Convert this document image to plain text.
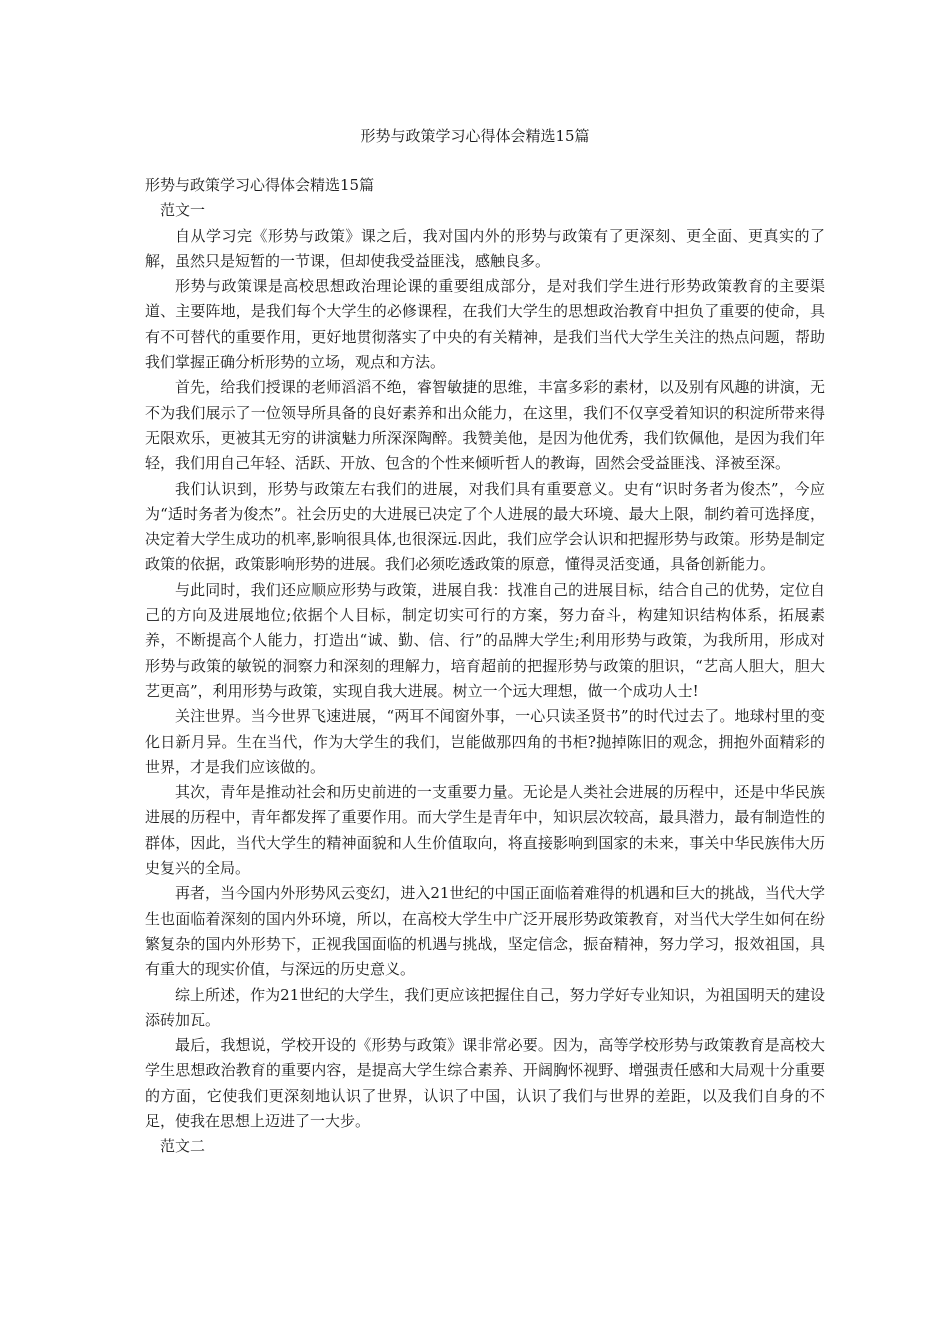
形势与政策学习心得体会精选15篇

形势与政策学习心得体会精选15篇

范文一

自从学习完《形势与政策》课之后，我对国内外的形势与政策有了更深刻、更全面、更真实的了解，虽然只是短暂的一节课，但却使我受益匪浅，感触良多。

形势与政策课是高校思想政治理论课的重要组成部分，是对我们学生进行形势政策教育的主要渠道、主要阵地，是我们每个大学生的必修课程，在我们大学生的思想政治教育中担负了重要的使命，具有不可替代的重要作用，更好地贯彻落实了中央的有关精神，是我们当代大学生关注的热点问题，帮助我们掌握正确分析形势的立场，观点和方法。

首先，给我们授课的老师滔滔不绝，睿智敏捷的思维，丰富多彩的素材，以及别有风趣的讲演，无不为我们展示了一位领导所具备的良好素养和出众能力，在这里，我们不仅享受着知识的积淀所带来得无限欢乐，更被其无穷的讲演魅力所深深陶醉。我赞美他，是因为他优秀，我们钦佩他，是因为我们年轻，我们用自己年轻、活跃、开放、包含的个性来倾听哲人的教诲，固然会受益匪浅、泽被至深。

我们认识到，形势与政策左右我们的进展，对我们具有重要意义。史有“识时务者为俊杰”，今应为“适时务者为俊杰”。社会历史的大进展已决定了个人进展的最大环境、最大上限，制约着可选择度，决定着大学生成功的机率,影响很具体,也很深远.因此，我们应学会认识和把握形势与政策。形势是制定政策的依据，政策影响形势的进展。我们必须吃透政策的原意，懂得灵活变通，具备创新能力。

与此同时，我们还应顺应形势与政策，进展自我：找准自己的进展目标，结合自己的优势，定位自己的方向及进展地位;依据个人目标，制定切实可行的方案，努力奋斗，构建知识结构体系，拓展素养，不断提高个人能力，打造出“诚、勤、信、行”的品牌大学生;利用形势与政策，为我所用，形成对形势与政策的敏锐的洞察力和深刻的理解力，培育超前的把握形势与政策的胆识，“艺高人胆大，胆大艺更高”，利用形势与政策，实现自我大进展。树立一个远大理想，做一个成功人士!

关注世界。当今世界飞速进展，“两耳不闻窗外事，一心只读圣贤书”的时代过去了。地球村里的变化日新月异。生在当代，作为大学生的我们，岂能做那四角的书柜?抛掉陈旧的观念，拥抱外面精彩的世界，才是我们应该做的。

其次，青年是推动社会和历史前进的一支重要力量。无论是人类社会进展的历程中，还是中华民族进展的历程中，青年都发挥了重要作用。而大学生是青年中，知识层次较高，最具潜力，最有制造性的群体，因此，当代大学生的精神面貌和人生价值取向，将直接影响到国家的未来，事关中华民族伟大历史复兴的全局。

再者，当今国内外形势风云变幻，进入21世纪的中国正面临着难得的机遇和巨大的挑战，当代大学生也面临着深刻的国内外环境，所以，在高校大学生中广泛开展形势政策教育，对当代大学生如何在纷繁复杂的国内外形势下，正视我国面临的机遇与挑战，坚定信念，振奋精神，努力学习，报效祖国，具有重大的现实价值，与深远的历史意义。

综上所述，作为21世纪的大学生，我们更应该把握住自己，努力学好专业知识，为祖国明天的建设添砖加瓦。

最后，我想说，学校开设的《形势与政策》课非常必要。因为，高等学校形势与政策教育是高校大学生思想政治教育的重要内容，是提高大学生综合素养、开阔胸怀视野、增强责任感和大局观十分重要的方面，它使我们更深刻地认识了世界，认识了中国，认识了我们与世界的差距，以及我们自身的不足，使我在思想上迈进了一大步。

范文二
